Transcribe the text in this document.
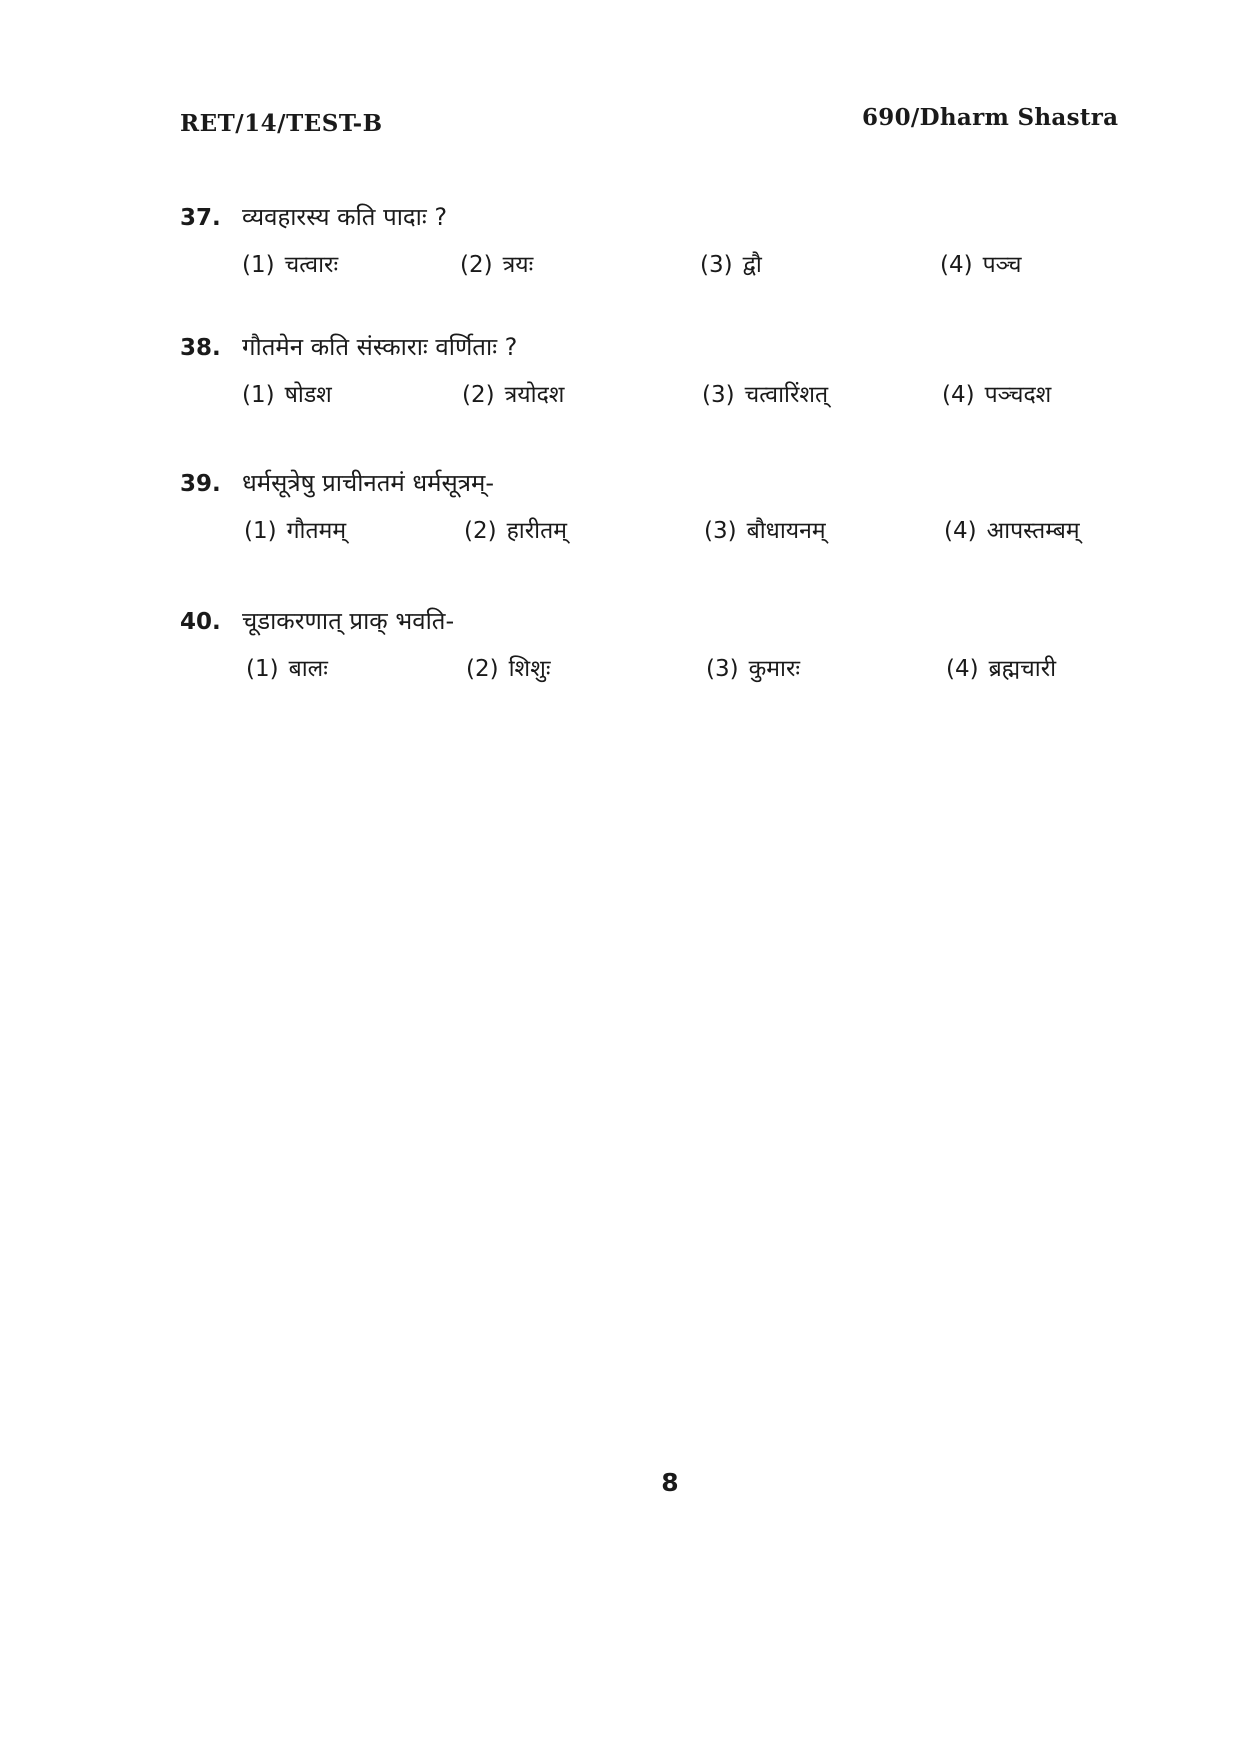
RET/14/TEST-B	690/Dharm Shastra
37. व्यवहारस्य कति पादाः ?
(1) चत्वारः	(2) त्रयः	(3) द्वौ	(4) पञ्च
38. गौतमेन कति संस्काराः वर्णिताः ?
(1) षोडश	(2) त्रयोदश	(3) चत्वारिंशत्	(4) पञ्चदश
39. धर्मसूत्रेषु प्राचीनतमं धर्मसूत्रम्-
(1) गौतमम्	(2) हारीतम्	(3) बौधायनम्	(4) आपस्तम्बम्
40. चूडाकरणात् प्राक् भवति-
(1) बालः	(2) शिशुः	(3) कुमारः	(4) ब्रह्मचारी
8
